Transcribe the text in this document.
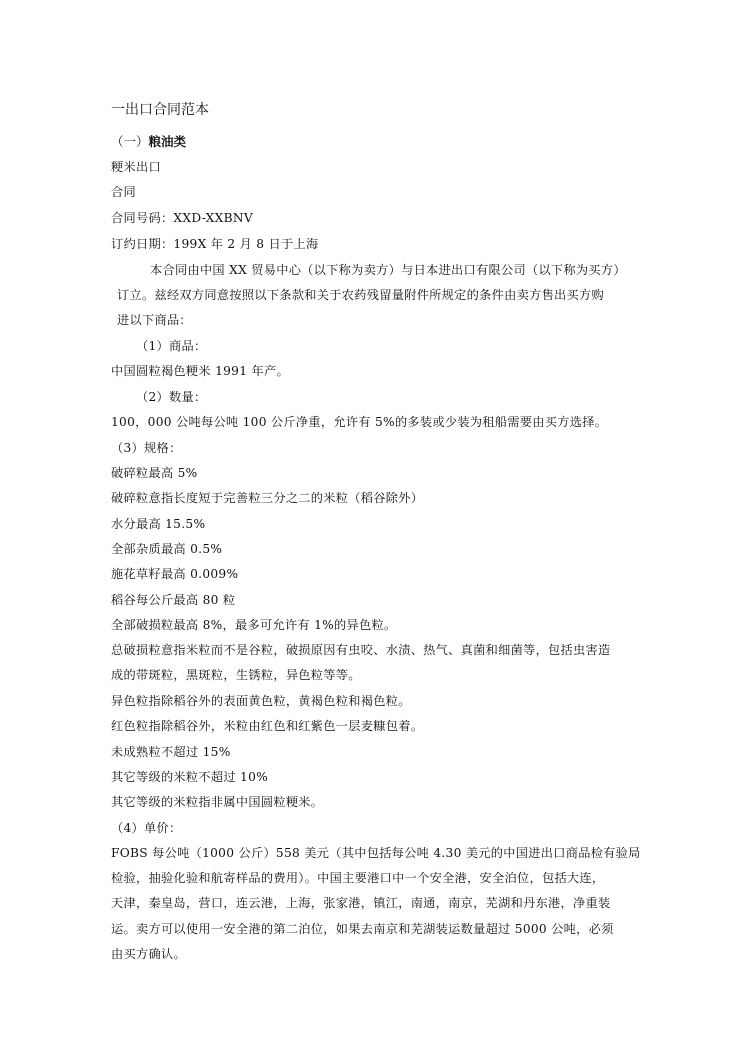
一出口合同范本
（一）粮油类
粳米出口
合同
合同号码：XXD-XXBNV
订约日期：199X 年 2 月 8 日于上海
本合同由中国 XX 贸易中心（以下称为卖方）与日本进出口有限公司（以下称为买方）
订立。兹经双方同意按照以下条款和关于农药残留量附件所规定的条件由卖方售出买方购
进以下商品：
（1）商品：
中国圆粒褐色粳米 1991 年产。
（2）数量：
100，000 公吨每公吨 100 公斤净重，允许有 5%的多装或少装为租船需要由买方选择。
（3）规格：
破碎粒最高 5%
破碎粒意指长度短于完善粒三分之二的米粒（稻谷除外）
水分最高 15.5%
全部杂质最高 0.5%
施花草籽最高 0.009%
稻谷每公斤最高 80 粒
全部破损粒最高 8%，最多可允许有 1%的异色粒。
总破损粒意指米粒而不是谷粒，破损原因有虫咬、水渍、热气、真菌和细菌等，包括虫害造
成的带斑粒，黑斑粒，生锈粒，异色粒等等。
异色粒指除稻谷外的表面黄色粒，黄褐色粒和褐色粒。
红色粒指除稻谷外，米粒由红色和红紫色一层麦糠包着。
未成熟粒不超过 15%
其它等级的米粒不超过 10%
其它等级的米粒指非属中国圆粒粳米。
（4）单价：
FOBS 每公吨（1000 公斤）558 美元（其中包括每公吨 4.30 美元的中国进出口商品检有验局
检验，抽验化验和航寄样品的费用）。中国主要港口中一个安全港，安全泊位，包括大连，
天津，秦皇岛，营口，连云港，上海，张家港，镇江，南通，南京，芜湖和丹东港，净重装
运。卖方可以使用一安全港的第二泊位，如果去南京和芜湖装运数量超过 5000 公吨，必须
由买方确认。
